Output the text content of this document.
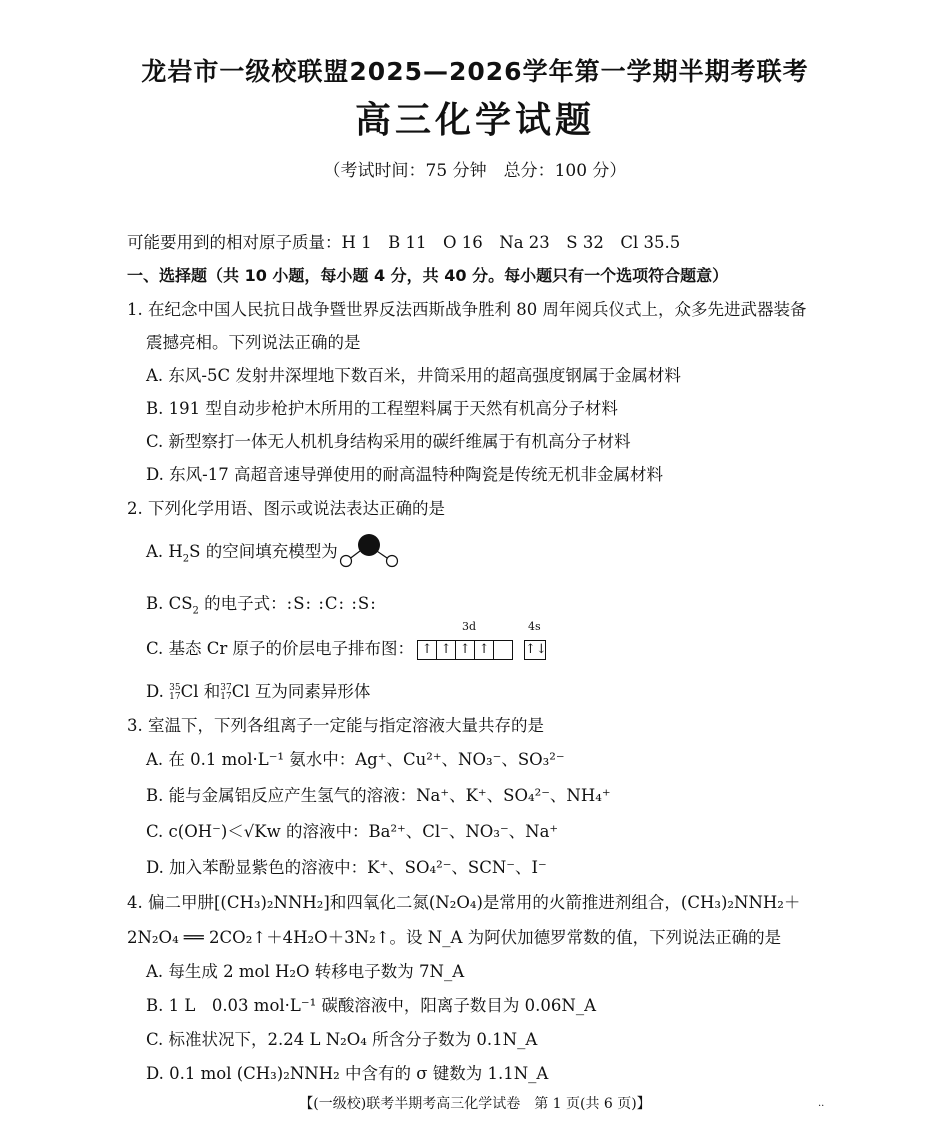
龙岩市一级校联盟2025—2026学年第一学期半期考联考
高三化学试题
（考试时间：75 分钟　总分：100 分）
可能要用到的相对原子质量：H 1　B 11　O 16　Na 23　S 32　Cl 35.5
一、选择题（共 10 小题，每小题 4 分，共 40 分。每小题只有一个选项符合题意）
1. 在纪念中国人民抗日战争暨世界反法西斯战争胜利 80 周年阅兵仪式上，众多先进武器装备
震撼亮相。下列说法正确的是
A. 东风-5C 发射井深埋地下数百米，井筒采用的超高强度钢属于金属材料
B. 191 型自动步枪护木所用的工程塑料属于天然有机高分子材料
C. 新型察打一体无人机机身结构采用的碳纤维属于有机高分子材料
D. 东风-17 高超音速导弹使用的耐高温特种陶瓷是传统无机非金属材料
2. 下列化学用语、图示或说法表达正确的是
A. $H_2S$ 的空间填充模型为
B. $CS_2$ 的电子式：:S: :C: :S:
C. 基态 Cr 原子的价层电子排布图：
3d
↑ ↑ ↑ ↑
4s
↑↓
D. 35
17Cl 和37
17Cl 互为同素异形体
3. 室温下，下列各组离子一定能与指定溶液大量共存的是
A. 在 0.1 mol·L⁻¹ 氨水中：Ag⁺、Cu²⁺、NO₃⁻、SO₃²⁻
B. 能与金属铝反应产生氢气的溶液：Na⁺、K⁺、SO₄²⁻、NH₄⁺
C. c(OH⁻)＜√Kw 的溶液中：Ba²⁺、Cl⁻、NO₃⁻、Na⁺
D. 加入苯酚显紫色的溶液中：K⁺、SO₄²⁻、SCN⁻、I⁻
4. 偏二甲肼[(CH₃)₂NNH₂]和四氧化二氮(N₂O₄)是常用的火箭推进剂组合，(CH₃)₂NNH₂＋
2N₂O₄ ══ 2CO₂↑＋4H₂O＋3N₂↑。设 N_A 为阿伏加德罗常数的值，下列说法正确的是
A. 每生成 2 mol H₂O 转移电子数为 7N_A
B. 1 L　0.03 mol·L⁻¹ 碳酸溶液中，阳离子数目为 0.06N_A
C. 标准状况下，2.24 L N₂O₄ 所含分子数为 0.1N_A
D. 0.1 mol (CH₃)₂NNH₂ 中含有的 σ 键数为 1.1N_A
【(一级校)联考半期考高三化学试卷　第 1 页(共 6 页)】	..
